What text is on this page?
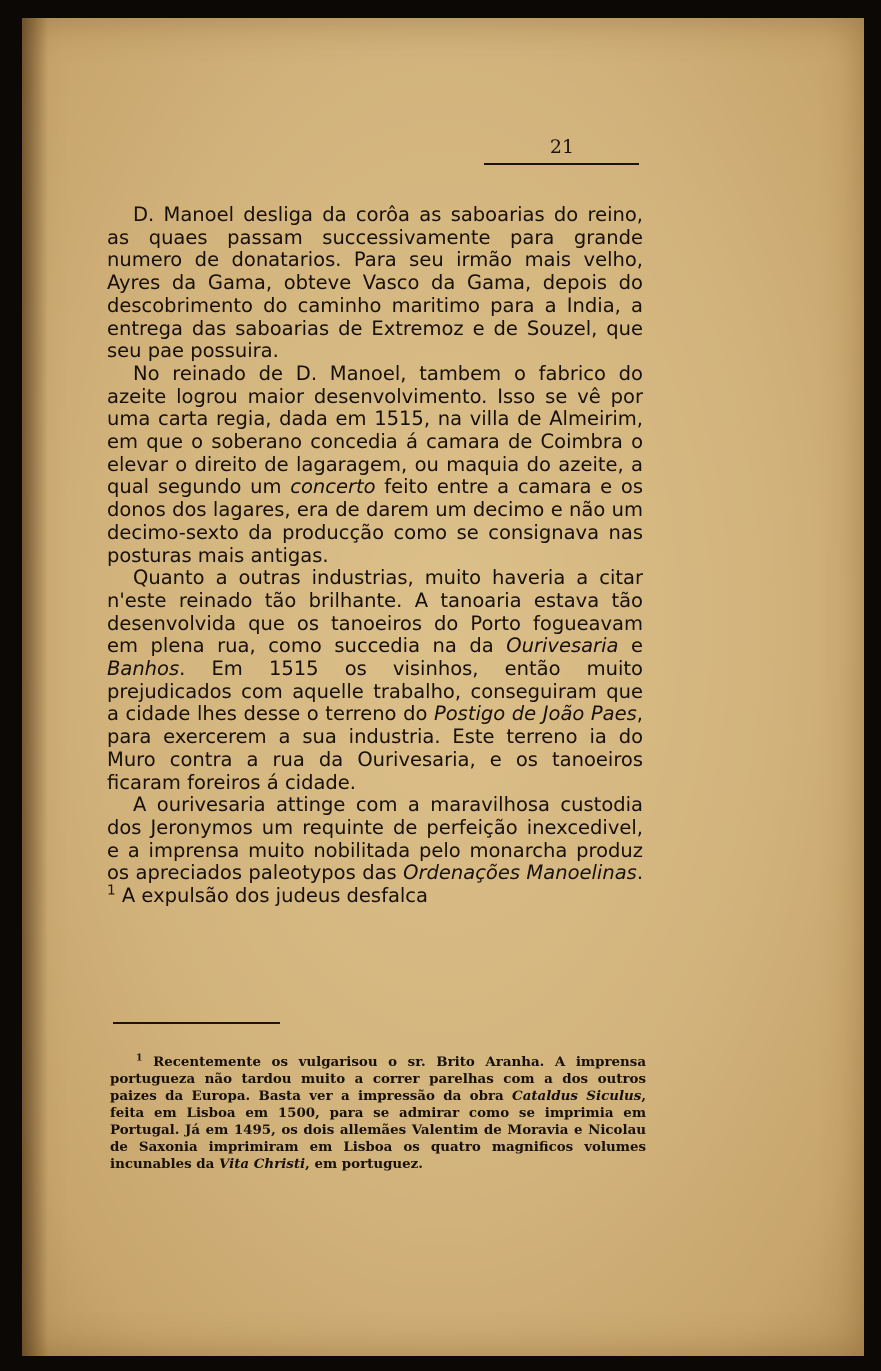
21

D. Manoel desliga da corôa as saboarias do reino, as quaes passam successivamente para grande numero de donatarios. Para seu irmão mais velho, Ayres da Gama, obteve Vasco da Gama, depois do descobrimento do caminho maritimo para a India, a entrega das saboarias de Extremoz e de Souzel, que seu pae possuira.

No reinado de D. Manoel, tambem o fabrico do azeite logrou maior desenvolvimento. Isso se vê por uma carta regia, dada em 1515, na villa de Almeirim, em que o soberano concedia á camara de Coimbra o elevar o direito de lagaragem, ou maquia do azeite, a qual segundo um concerto feito entre a camara e os donos dos lagares, era de darem um decimo e não um decimo-sexto da producção como se consignava nas posturas mais antigas.

Quanto a outras industrias, muito haveria a citar n'este reinado tão brilhante. A tanoaria estava tão desenvolvida que os tanoeiros do Porto fogueavam em plena rua, como succedia na da Ourivesaria e Banhos. Em 1515 os visinhos, então muito prejudicados com aquelle trabalho, conseguiram que a cidade lhes desse o terreno do Postigo de João Paes, para exercerem a sua industria. Este terreno ia do Muro contra a rua da Ourivesaria, e os tanoeiros ficaram foreiros á cidade.

A ourivesaria attinge com a maravilhosa custodia dos Jeronymos um requinte de perfeição inexcedivel, e a imprensa muito nobilitada pelo monarcha produz os apreciados paleotypos das Ordenações Manoelinas. $^1$ A expulsão dos judeus desfalca

$^1$ Recentemente os vulgarisou o sr. Brito Aranha. A imprensa portugueza não tardou muito a correr parelhas com a dos outros paizes da Europa. Basta ver a impressão da obra Cataldus Siculus, feita em Lisboa em 1500, para se admirar como se imprimia em Portugal. Já em 1495, os dois allemães Valentim de Moravia e Nicolau de Saxonia imprimiram em Lisboa os quatro magnificos volumes incunables da Vita Christi, em portuguez.
